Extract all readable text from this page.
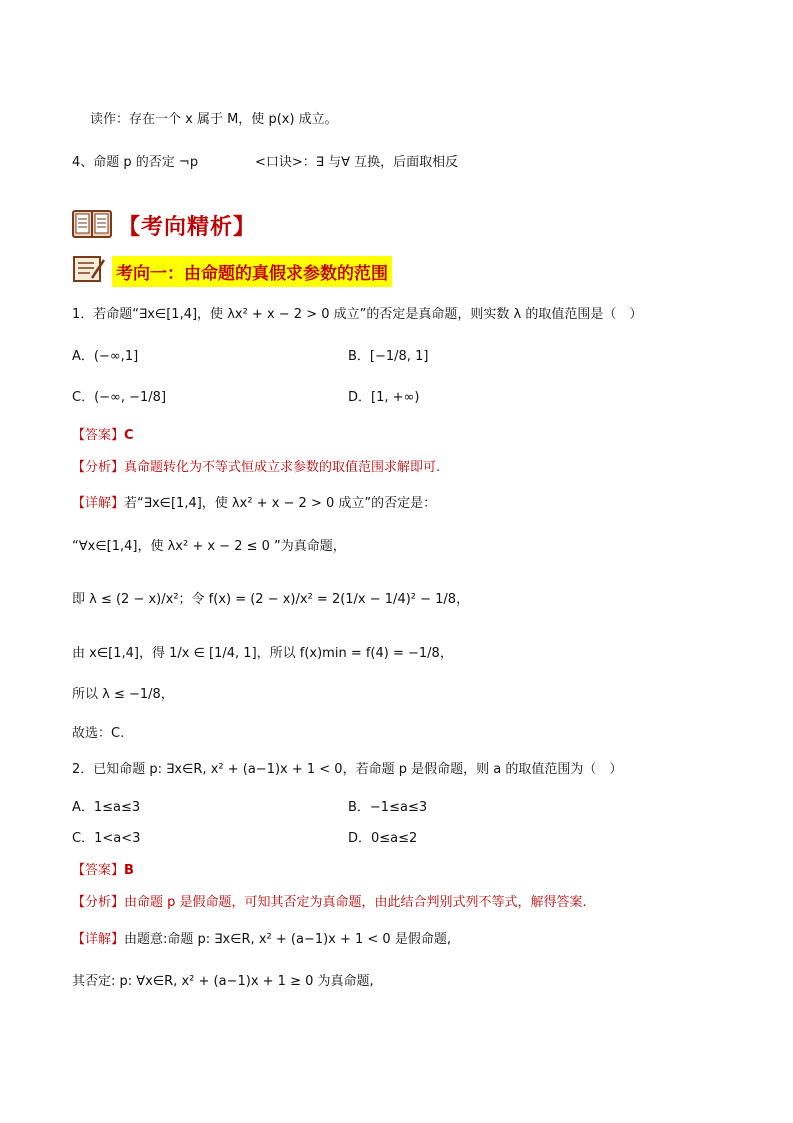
读作：存在一个 x 属于 M，使 p(x) 成立。
4、命题 p 的否定 ¬p	<口诀>：∃ 与∀ 互换，后面取相反
【考向精析】
考向一：由命题的真假求参数的范围
1．若命题“∃x∈[1,4]，使 λx² + x − 2 > 0 成立”的否定是真命题，则实数 λ 的取值范围是（　）
A．(−∞,1]	B．[−1/8, 1]
C．(−∞, −1/8]	D．[1, +∞)
【答案】C
【分析】真命题转化为不等式恒成立求参数的取值范围求解即可.
【详解】若“∃x∈[1,4]，使 λx² + x − 2 > 0 成立”的否定是：
“∀x∈[1,4]，使 λx² + x − 2 ≤ 0 ”为真命题，
即 λ ≤ (2 − x)/x²；令 f(x) = (2 − x)/x² = 2(1/x − 1/4)² − 1/8，
由 x∈[1,4]，得 1/x ∈ [1/4, 1]，所以 f(x)min = f(4) = −1/8，
所以 λ ≤ −1/8，
故选：C.
2．已知命题 p: ∃x∈R, x² + (a−1)x + 1 < 0，若命题 p 是假命题，则 a 的取值范围为（　）
A．1≤a≤3	B．−1≤a≤3
C．1<a<3	D．0≤a≤2
【答案】B
【分析】由命题 p 是假命题，可知其否定为真命题，由此结合判别式列不等式，解得答案.
【详解】由题意:命题 p: ∃x∈R, x² + (a−1)x + 1 < 0 是假命题,
其否定: p: ∀x∈R, x² + (a−1)x + 1 ≥ 0 为真命题,
